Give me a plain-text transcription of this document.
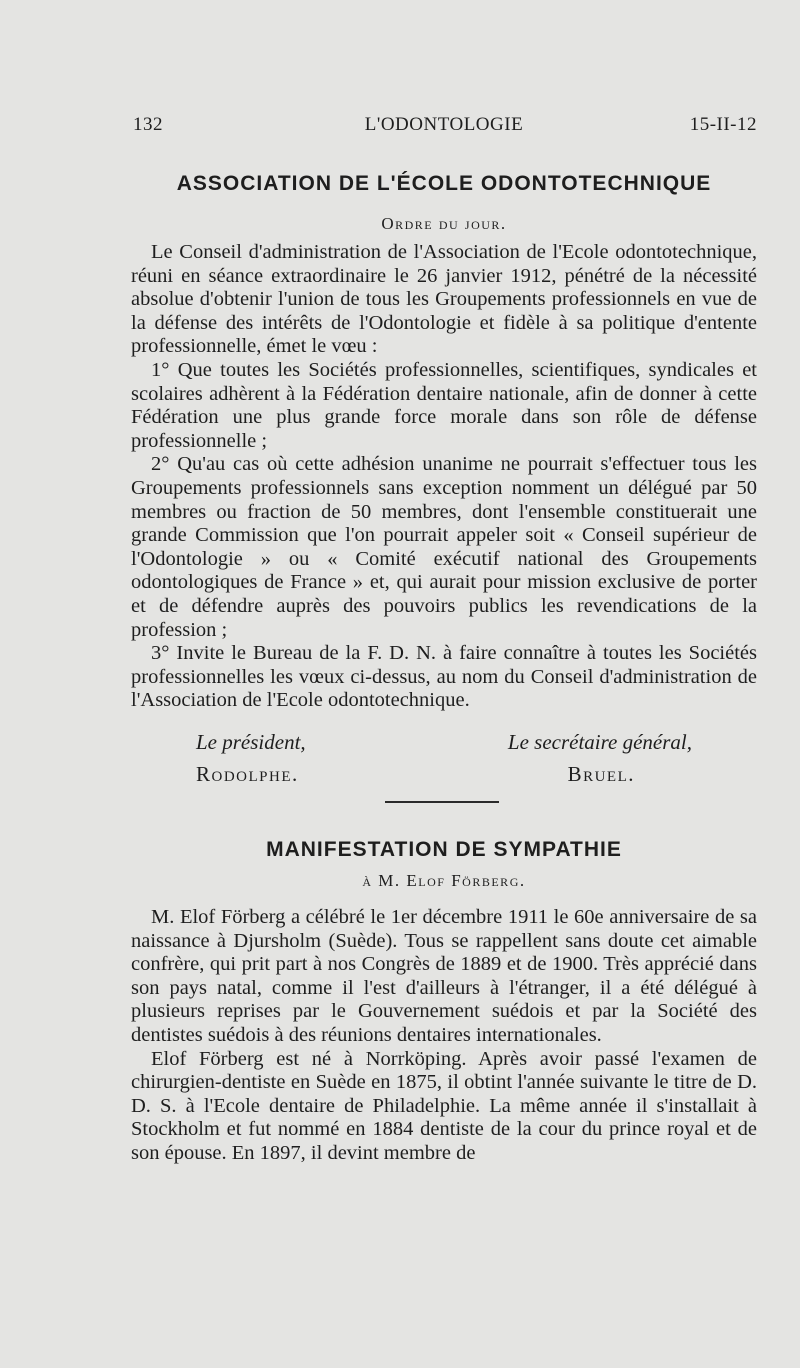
132	L'ODONTOLOGIE	15-II-12
ASSOCIATION DE L'ÉCOLE ODONTOTECHNIQUE
Ordre du jour.

Le Conseil d'administration de l'Association de l'Ecole odontotechnique, réuni en séance extraordinaire le 26 janvier 1912, pénétré de la nécessité absolue d'obtenir l'union de tous les Groupements professionnels en vue de la défense des intérêts de l'Odontologie et fidèle à sa politique d'entente professionnelle, émet le vœu :

1° Que toutes les Sociétés professionnelles, scientifiques, syndicales et scolaires adhèrent à la Fédération dentaire nationale, afin de donner à cette Fédération une plus grande force morale dans son rôle de défense professionnelle ;

2° Qu'au cas où cette adhésion unanime ne pourrait s'effectuer tous les Groupements professionnels sans exception nomment un délégué par 50 membres ou fraction de 50 membres, dont l'ensemble constituerait une grande Commission que l'on pourrait appeler soit « Conseil supérieur de l'Odontologie » ou « Comité exécutif national des Groupements odontologiques de France » et, qui aurait pour mission exclusive de porter et de défendre auprès des pouvoirs publics les revendications de la profession ;

3° Invite le Bureau de la F. D. N. à faire connaître à toutes les Sociétés professionnelles les vœux ci-dessus, au nom du Conseil d'administration de l'Association de l'Ecole odontotechnique.

Le président,	Le secrétaire général,
Rodolphe.	Bruel.
MANIFESTATION DE SYMPATHIE
à M. Elof Förberg.

M. Elof Förberg a célébré le 1er décembre 1911 le 60e anniversaire de sa naissance à Djursholm (Suède). Tous se rappellent sans doute cet aimable confrère, qui prit part à nos Congrès de 1889 et de 1900. Très apprécié dans son pays natal, comme il l'est d'ailleurs à l'étranger, il a été délégué à plusieurs reprises par le Gouvernement suédois et par la Société des dentistes suédois à des réunions dentaires internationales.

Elof Förberg est né à Norrköping. Après avoir passé l'examen de chirurgien-dentiste en Suède en 1875, il obtint l'année suivante le titre de D. D. S. à l'Ecole dentaire de Philadelphie. La même année il s'installait à Stockholm et fut nommé en 1884 dentiste de la cour du prince royal et de son épouse. En 1897, il devint membre de
